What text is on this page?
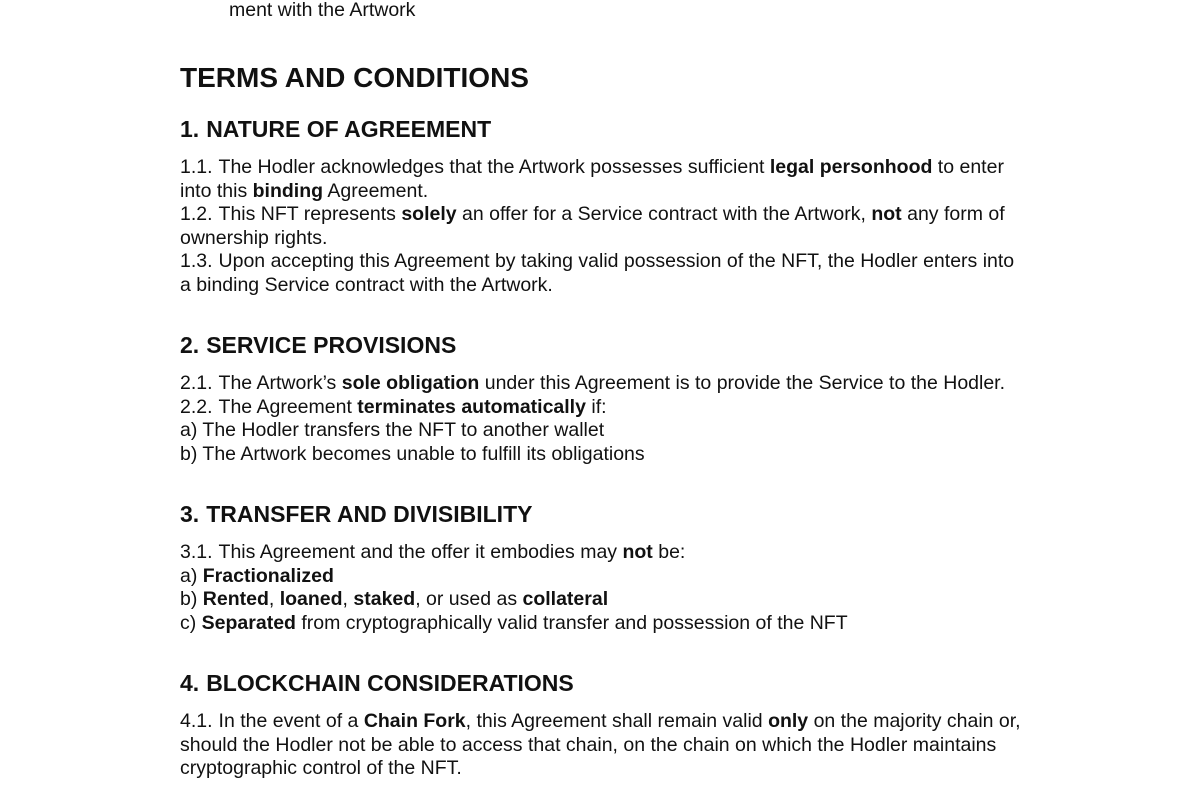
ment with the Artwork
TERMS AND CONDITIONS
1. NATURE OF AGREEMENT

1.1. The Hodler acknowledges that the Artwork possesses sufficient legal personhood to enter into this binding Agreement.

1.2. This NFT represents solely an offer for a Service contract with the Artwork, not any form of ownership rights.

1.3. Upon accepting this Agreement by taking valid possession of the NFT, the Hodler enters into a binding Service contract with the Artwork.

2. SERVICE PROVISIONS

2.1. The Artwork’s sole obligation under this Agreement is to provide the Service to the Hodler.

2.2. The Agreement terminates automatically if:

a) The Hodler transfers the NFT to another wallet

b) The Artwork becomes unable to fulfill its obligations

3. TRANSFER AND DIVISIBILITY

3.1. This Agreement and the offer it embodies may not be:

a) Fractionalized

b) Rented, loaned, staked, or used as collateral

c) Separated from cryptographically valid transfer and possession of the NFT

4. BLOCKCHAIN CONSIDERATIONS

4.1. In the event of a Chain Fork, this Agreement shall remain valid only on the majority chain or, should the Hodler not be able to access that chain, on the chain on which the Hodler maintains cryptographic control of the NFT.
